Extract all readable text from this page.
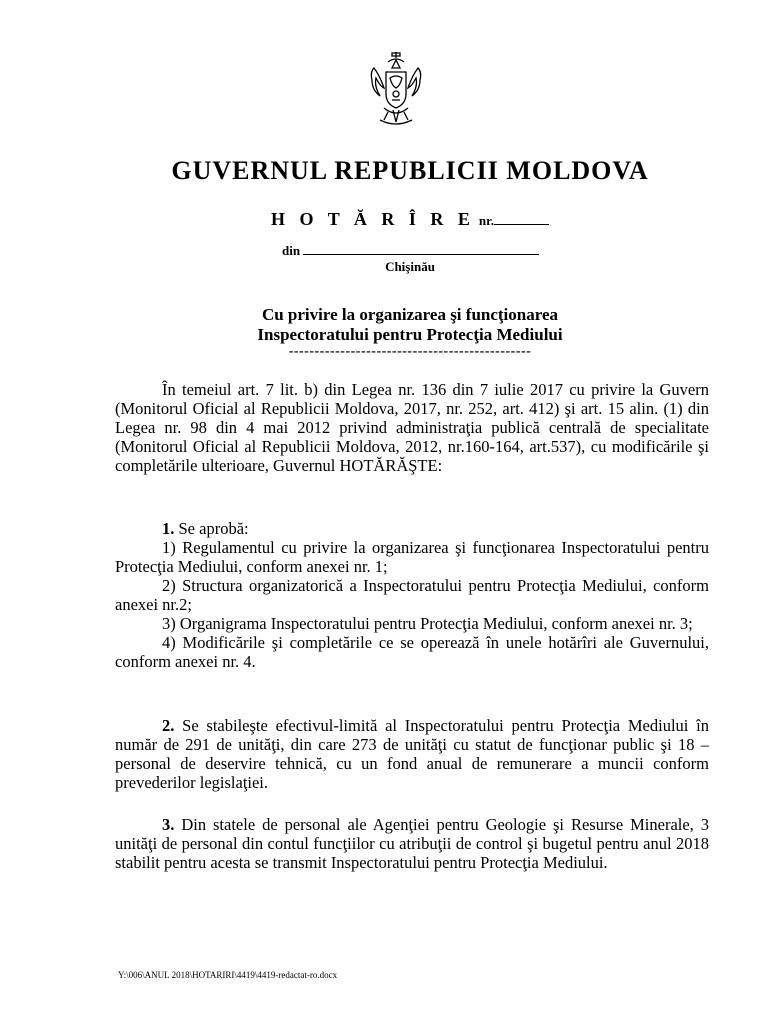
GUVERNUL REPUBLICII MOLDOVA
H O T Ă R Î R E nr.
din
Chişinău
Cu privire la organizarea şi funcţionarea
Inspectoratului pentru Protecţia Mediului
-----------------------------------------------

În temeiul art. 7 lit. b) din Legea nr. 136 din 7 iulie 2017 cu privire la Guvern (Monitorul Oficial al Republicii Moldova, 2017, nr. 252, art. 412) şi art. 15 alin. (1) din Legea nr. 98 din 4 mai 2012 privind administraţia publică centrală de specialitate (Monitorul Oficial al Republicii Moldova, 2012, nr.160-164, art.537), cu modificările şi completările ulterioare, Guvernul HOTĂRĂŞTE:

1. Se aprobă:

1) Regulamentul cu privire la organizarea şi funcţionarea Inspectoratului pentru Protecţia Mediului, conform anexei nr. 1;

2) Structura organizatorică a Inspectoratului pentru Protecţia Mediului, conform anexei nr.2;

3) Organigrama Inspectoratului pentru Protecţia Mediului, conform anexei nr. 3;

4) Modificările şi completările ce se operează în unele hotărîri ale Guvernului, conform anexei nr. 4.

2. Se stabileşte efectivul-limită al Inspectoratului pentru Protecţia Mediului în număr de 291 de unităţi, din care 273 de unităţi cu statut de funcţionar public şi 18 – personal de deservire tehnică, cu un fond anual de remunerare a muncii conform prevederilor legislaţiei.

3. Din statele de personal ale Agenţiei pentru Geologie şi Resurse Minerale, 3 unităţi de personal din contul funcţiilor cu atribuţii de control şi bugetul pentru anul 2018 stabilit pentru acesta se transmit Inspectoratului pentru Protecţia Mediului.

Y:\006\ANUL 2018\HOTARIRI\4419\4419-redactat-ro.docx
